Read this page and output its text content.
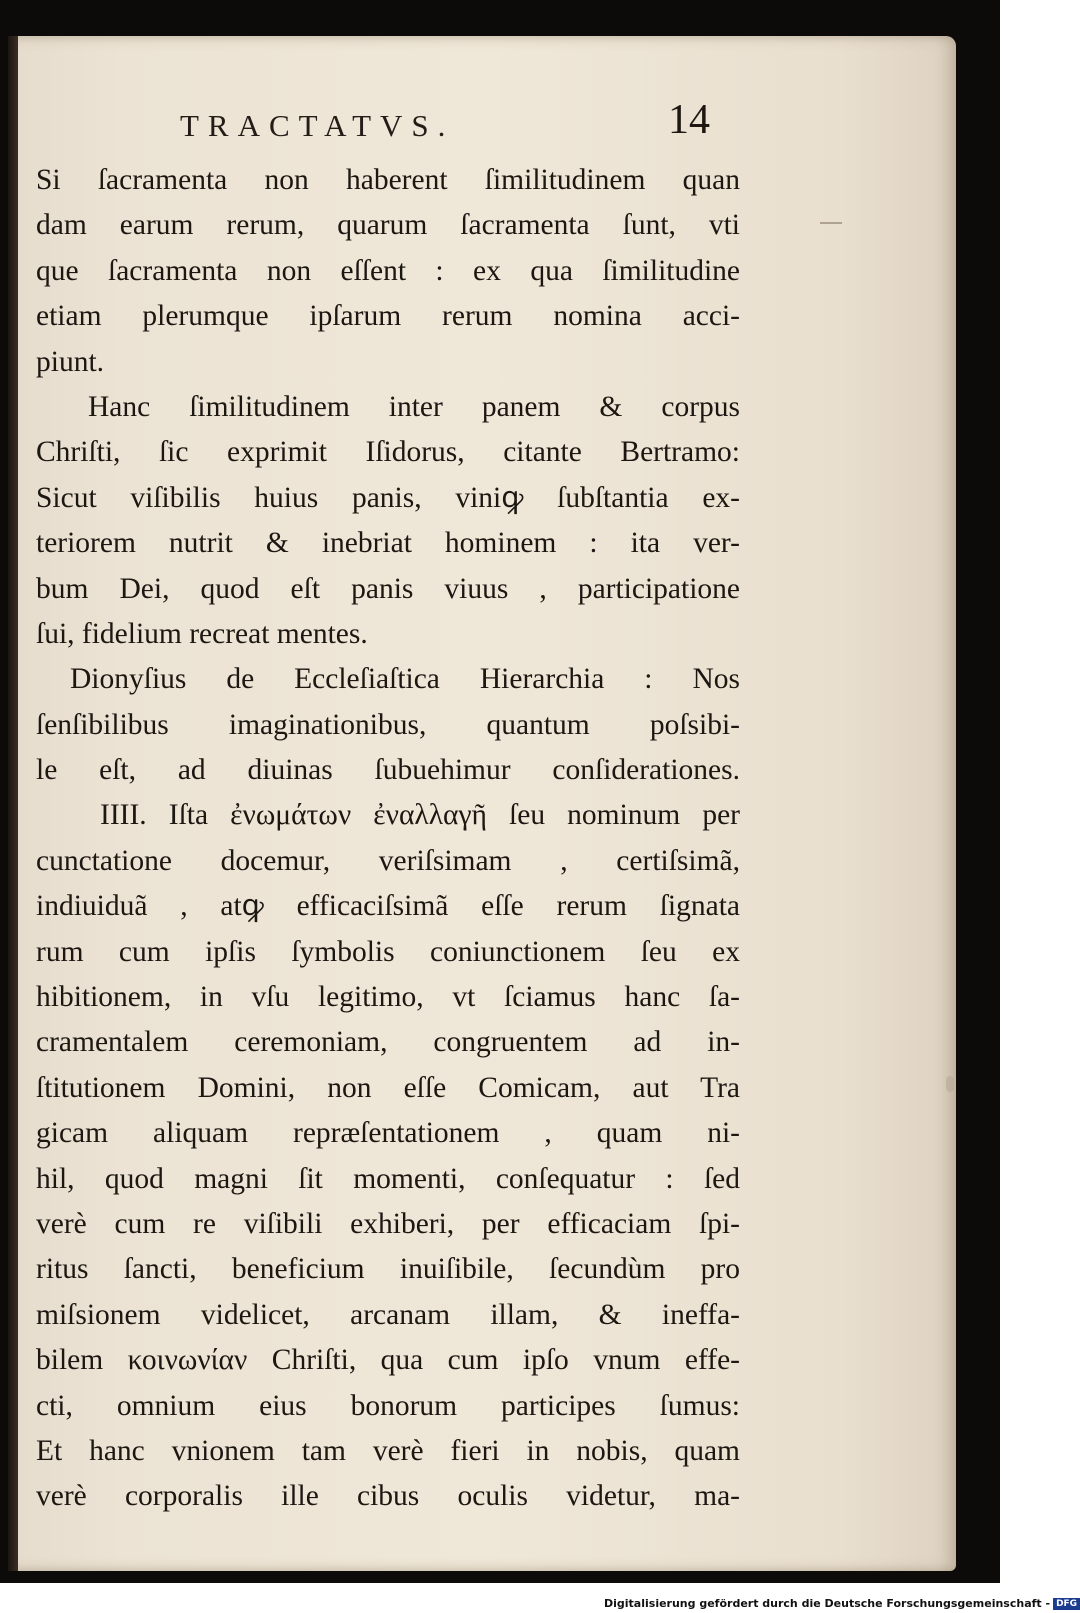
TRACTATVS.	14
Si ſacramenta non haberent ſimilitudinem quan
dam earum rerum, quarum ſacramenta ſunt, vti
que ſacramenta non eſſent : ex qua ſimilitudine
etiam plerumque ipſarum rerum nomina acci-
piunt.
Hanc ſimilitudinem inter panem & corpus
Chriſti, ſic exprimit Iſidorus, citante Bertramo:
Sicut viſibilis huius panis, viniꝙ ſubſtantia ex-
teriorem nutrit & inebriat hominem : ita ver-
bum Dei, quod eſt panis viuus , participatione
ſui, fidelium recreat mentes.
Dionyſius de Eccleſiaſtica Hierarchia : Nos
ſenſibilibus imaginationibus, quantum poſsibi-
le eſt, ad diuinas ſubuehimur conſiderationes.
IIII. Iſta ἐνωμάτων ἐναλλαγῆ ſeu nominum per
cunctatione docemur, veriſsimam , certiſsimã,
indiuiduã , atꝙ efficaciſsimã eſſe rerum ſignata
rum cum ipſis ſymbolis coniunctionem ſeu ex
hibitionem, in vſu legitimo, vt ſciamus hanc ſa-
cramentalem ceremoniam, congruentem ad in-
ſtitutionem Domini, non eſſe Comicam, aut Tra
gicam aliquam repræſentationem , quam ni-
hil, quod magni ſit momenti, conſequatur : ſed
verè cum re viſibili exhiberi, per efficaciam ſpi-
ritus ſancti, beneficium inuiſibile, ſecundùm pro
miſsionem videlicet, arcanam illam, & ineffa-
bilem κοινωνίαν Chriſti, qua cum ipſo vnum effe-
cti, omnium eius bonorum participes ſumus:
Et hanc vnionem tam verè fieri in nobis, quam
verè corporalis ille cibus oculis videtur, ma-
Digitalisierung gefördert durch die Deutsche Forschungsgemeinschaft - DFG
